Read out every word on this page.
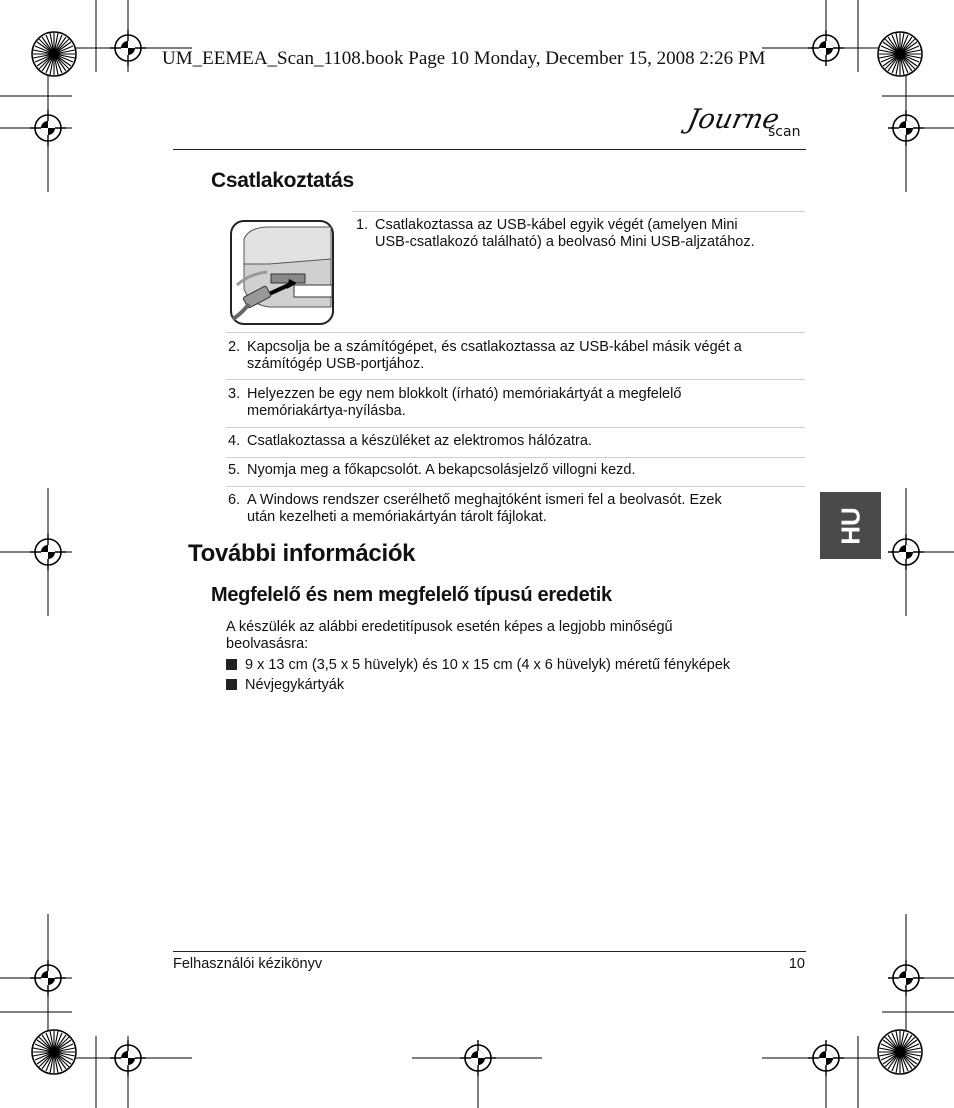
UM_EEMEA_Scan_1108.book Page 10 Monday, December 15, 2008 2:26 PM
Journe
scan
Csatlakoztatás
1. Csatlakoztassa az USB-kábel egyik végét (amelyen Mini
USB-csatlakozó található) a beolvasó Mini USB-aljzatához.
2. Kapcsolja be a számítógépet, és csatlakoztassa az USB-kábel másik végét a
számítógép USB-portjához.
3. Helyezzen be egy nem blokkolt (írható) memóriakártyát a megfelelő
memóriakártya-nyílásba.
4. Csatlakoztassa a készüléket az elektromos hálózatra.
5. Nyomja meg a főkapcsolót. A bekapcsolásjelző villogni kezd.
6. A Windows rendszer cserélhető meghajtóként ismeri fel a beolvasót. Ezek
után kezelheti a memóriakártyán tárolt fájlokat.	HU
További információk
Megfelelő és nem megfelelő típusú eredetik
A készülék az alábbi eredetitípusok esetén képes a legjobb minőségű
beolvasásra:
9 x 13 cm (3,5 x 5 hüvelyk) és 10 x 15 cm (4 x 6 hüvelyk) méretű fényképek
Névjegykártyák
Felhasználói kézikönyv	10
